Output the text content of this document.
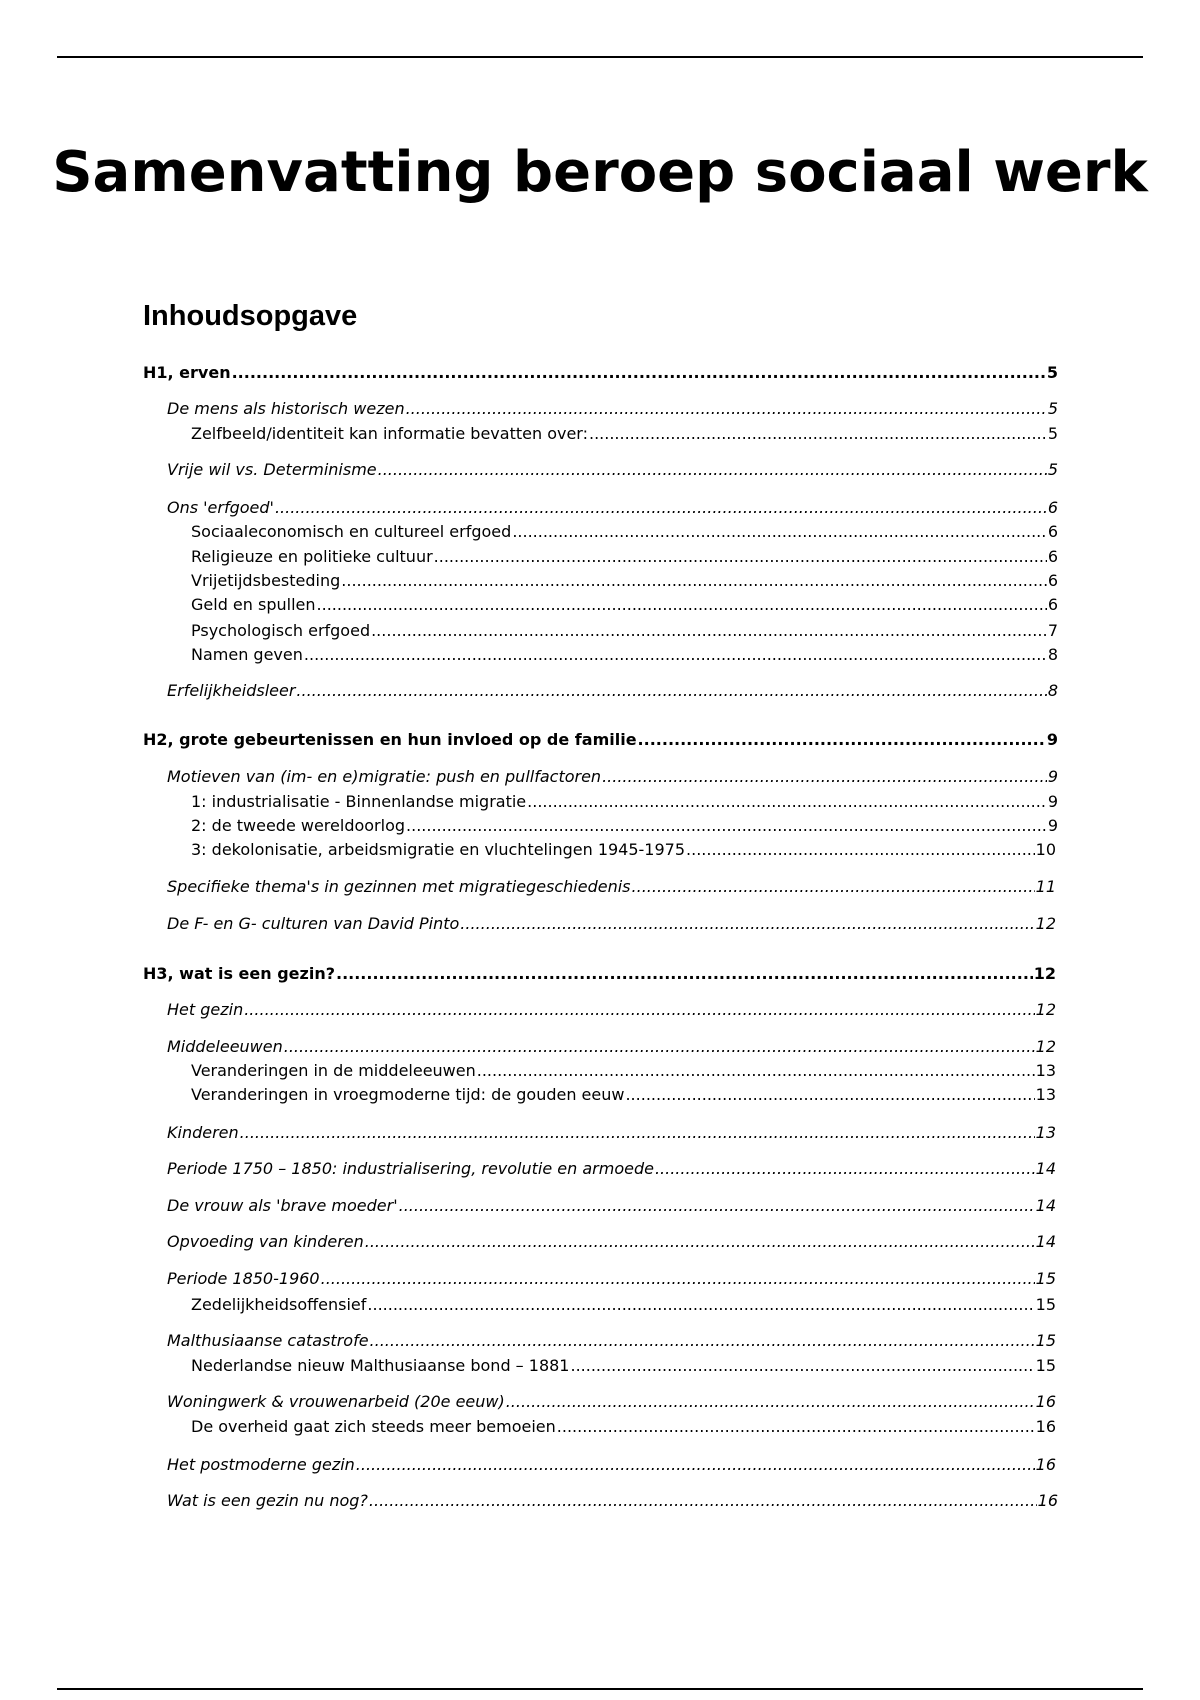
Samenvatting beroep sociaal werk
Inhoudsopgave
H1, erven .....	5
De mens als historisch wezen .....	5
Zelfbeeld/identiteit kan informatie bevatten over: .....	5
Vrije wil vs. Determinisme .....	5
Ons 'erfgoed' .....	6
Sociaaleconomisch en cultureel erfgoed .....	6
Religieuze en politieke cultuur .....	6
Vrijetijdsbesteding .....	6
Geld en spullen .....	6
Psychologisch erfgoed .....	7
Namen geven .....	8
Erfelijkheidsleer .....	8
H2, grote gebeurtenissen en hun invloed op de familie .....	9
Motieven van (im- en e)migratie: push en pullfactoren .....	9
1: industrialisatie - Binnenlandse migratie .....	9
2: de tweede wereldoorlog .....	9
3: dekolonisatie, arbeidsmigratie en vluchtelingen 1945-1975 .....	10
Specifieke thema's in gezinnen met migratiegeschiedenis .....	11
De F- en G- culturen van David Pinto .....	12
H3, wat is een gezin? .....	12
Het gezin .....	12
Middeleeuwen .....	12
Veranderingen in de middeleeuwen .....	13
Veranderingen in vroegmoderne tijd: de gouden eeuw .....	13
Kinderen .....	13
Periode 1750 – 1850: industrialisering, revolutie en armoede .....	14
De vrouw als 'brave moeder' .....	14
Opvoeding van kinderen .....	14
Periode 1850-1960 .....	15
Zedelijkheidsoffensief .....	15
Malthusiaanse catastrofe .....	15
Nederlandse nieuw Malthusiaanse bond – 1881 .....	15
Woningwerk & vrouwenarbeid (20e eeuw) .....	16
De overheid gaat zich steeds meer bemoeien .....	16
Het postmoderne gezin .....	16
Wat is een gezin nu nog? .....	16
